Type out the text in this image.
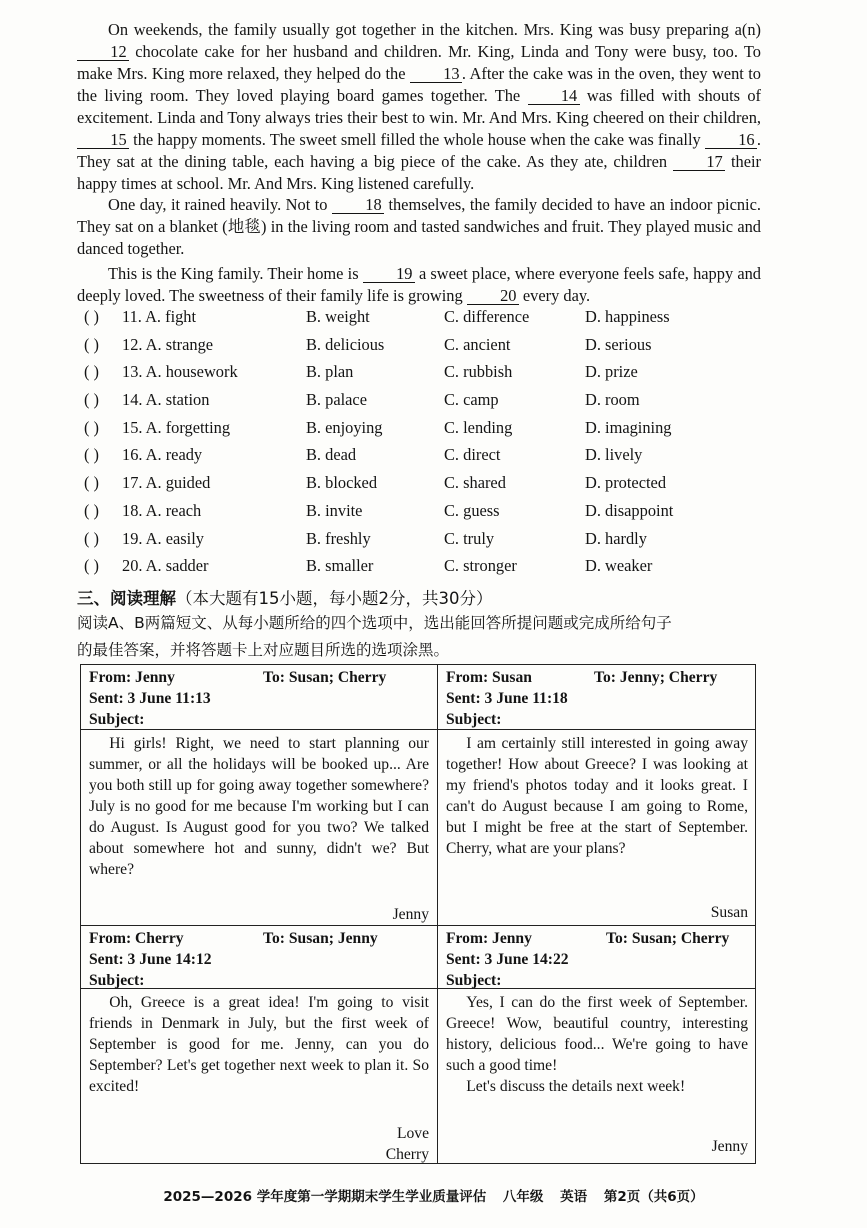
On weekends, the family usually got together in the kitchen. Mrs. King was busy preparing a(n) 12 chocolate cake for her husband and children. Mr. King, Linda and Tony were busy, too. To make Mrs. King more relaxed, they helped do the 13 . After the cake was in the oven, they went to the living room. They loved playing board games together. The 14 was filled with shouts of excitement. Linda and Tony always tries their best to win. Mr. And Mrs. King cheered on their children, 15 the happy moments. The sweet smell filled the whole house when the cake was finally 16 . They sat at the dining table, each having a big piece of the cake. As they ate, children 17 their happy times at school. Mr. And Mrs. King listened carefully.

One day, it rained heavily. Not to 18 themselves, the family decided to have an indoor picnic. They sat on a blanket (地毯) in the living room and tasted sandwiches and fruit. They played music and danced together.

This is the King family. Their home is 19 a sweet place, where everyone feels safe, happy and deeply loved. The sweetness of their family life is growing 20 every day.

( ) 11. A. fight	B. weight	C. difference	D. happiness
( ) 12. A. strange	B. delicious	C. ancient	D. serious
( ) 13. A. housework	B. plan	C. rubbish	D. prize
( ) 14. A. station	B. palace	C. camp	D. room
( ) 15. A. forgetting	B. enjoying	C. lending	D. imagining
( ) 16. A. ready	B. dead	C. direct	D. lively
( ) 17. A. guided	B. blocked	C. shared	D. protected
( ) 18. A. reach	B. invite	C. guess	D. disappoint
( ) 19. A. easily	B. freshly	C. truly	D. hardly
( ) 20. A. sadder	B. smaller	C. stronger	D. weaker

三、阅读理解（本大题有15小题，每小题2分，共30分）

阅读A、B两篇短文、从每小题所给的四个选项中，选出能回答所提问题或完成所给句子

的最佳答案，并将答题卡上对应题目所选的选项涂黑。

From: Jenny	To: Susan; Cherry
Sent: 3 June 11:13
Subject:

Hi girls! Right, we need to start planning our summer, or all the holidays will be booked up... Are you both still up for going away together somewhere? July is no good for me because I'm working but I can do August. Is August good for you two? We talked about somewhere hot and sunny, didn't we? But where?

Jenny
From: Susan	To: Jenny; Cherry
Sent: 3 June 11:18
Subject:

I am certainly still interested in going away together! How about Greece? I was looking at my friend's photos today and it looks great. I can't do August because I am going to Rome, but I might be free at the start of September. Cherry, what are your plans?

Susan
From: Cherry	To: Susan; Jenny
Sent: 3 June 14:12
Subject:

Oh, Greece is a great idea! I'm going to visit friends in Denmark in July, but the first week of September is good for me. Jenny, can you do September? Let's get together next week to plan it. So excited!

Love
Cherry
From: Jenny	To: Susan; Cherry
Sent: 3 June 14:22
Subject:

Yes, I can do the first week of September. Greece! Wow, beautiful country, interesting history, delicious food... We're going to have such a good time!

Let's discuss the details next week!

Jenny
2025—2026 学年度第一学期期末学生学业质量评估 八年级 英语 第2页（共6页）
